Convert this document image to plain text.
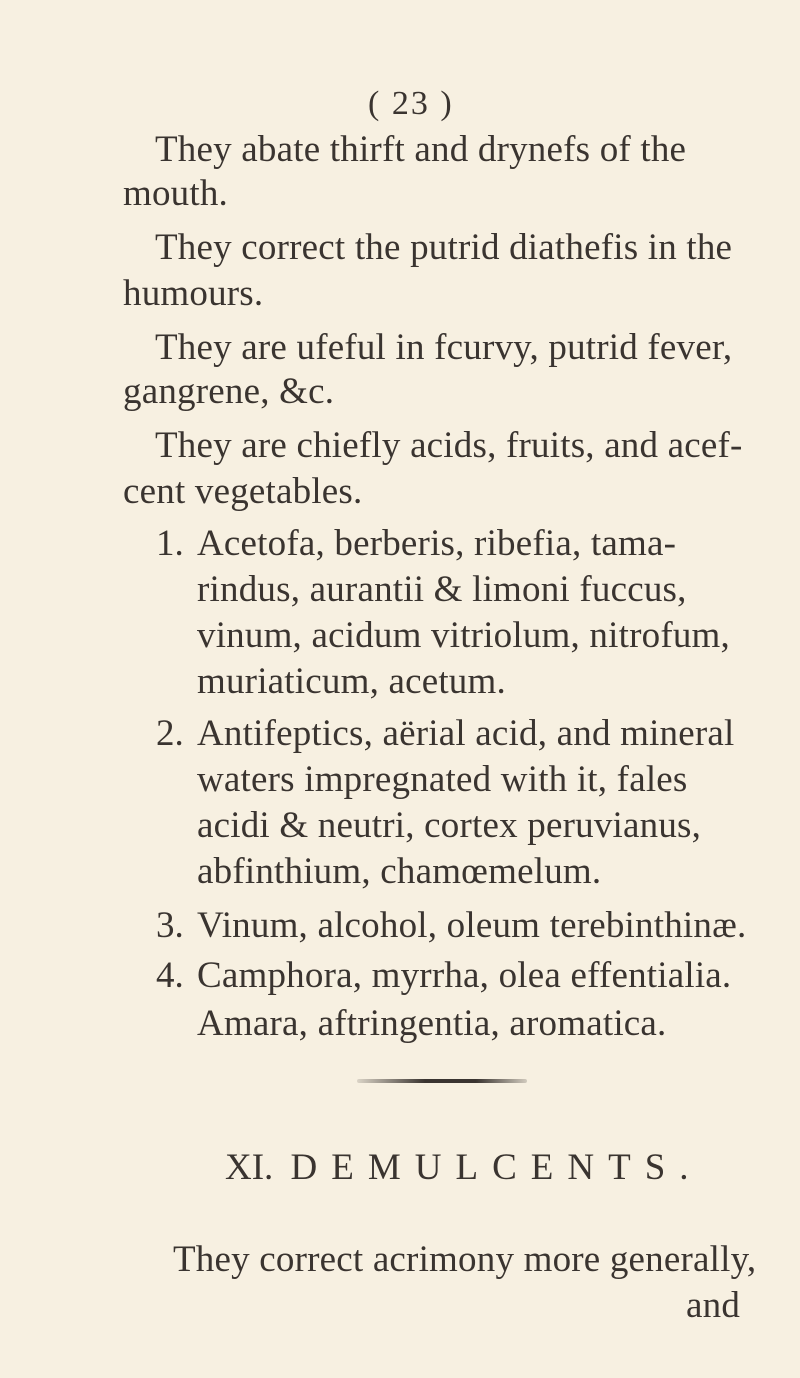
( 23 )
They abate thirft and drynefs of the
mouth.
They correct the putrid diathefis in the
humours.
They are ufeful in fcurvy, putrid fever,
gangrene, &c.
They are chiefly acids, fruits, and acef-
cent vegetables.
1. Acetofa, berberis, ribefia, tama-
rindus, aurantii & limoni fuccus,
vinum, acidum vitriolum, nitrofum,
muriaticum, acetum.
2. Antifeptics, aërial acid, and mineral
waters impregnated with it, fales
acidi & neutri, cortex peruvianus,
abfinthium, chamœmelum.
3. Vinum, alcohol, oleum terebinthinæ.
4. Camphora, myrrha, olea effentialia.
Amara, aftringentia, aromatica.
XI. DEMULCENTS.
They correct acrimony more generally,
and
